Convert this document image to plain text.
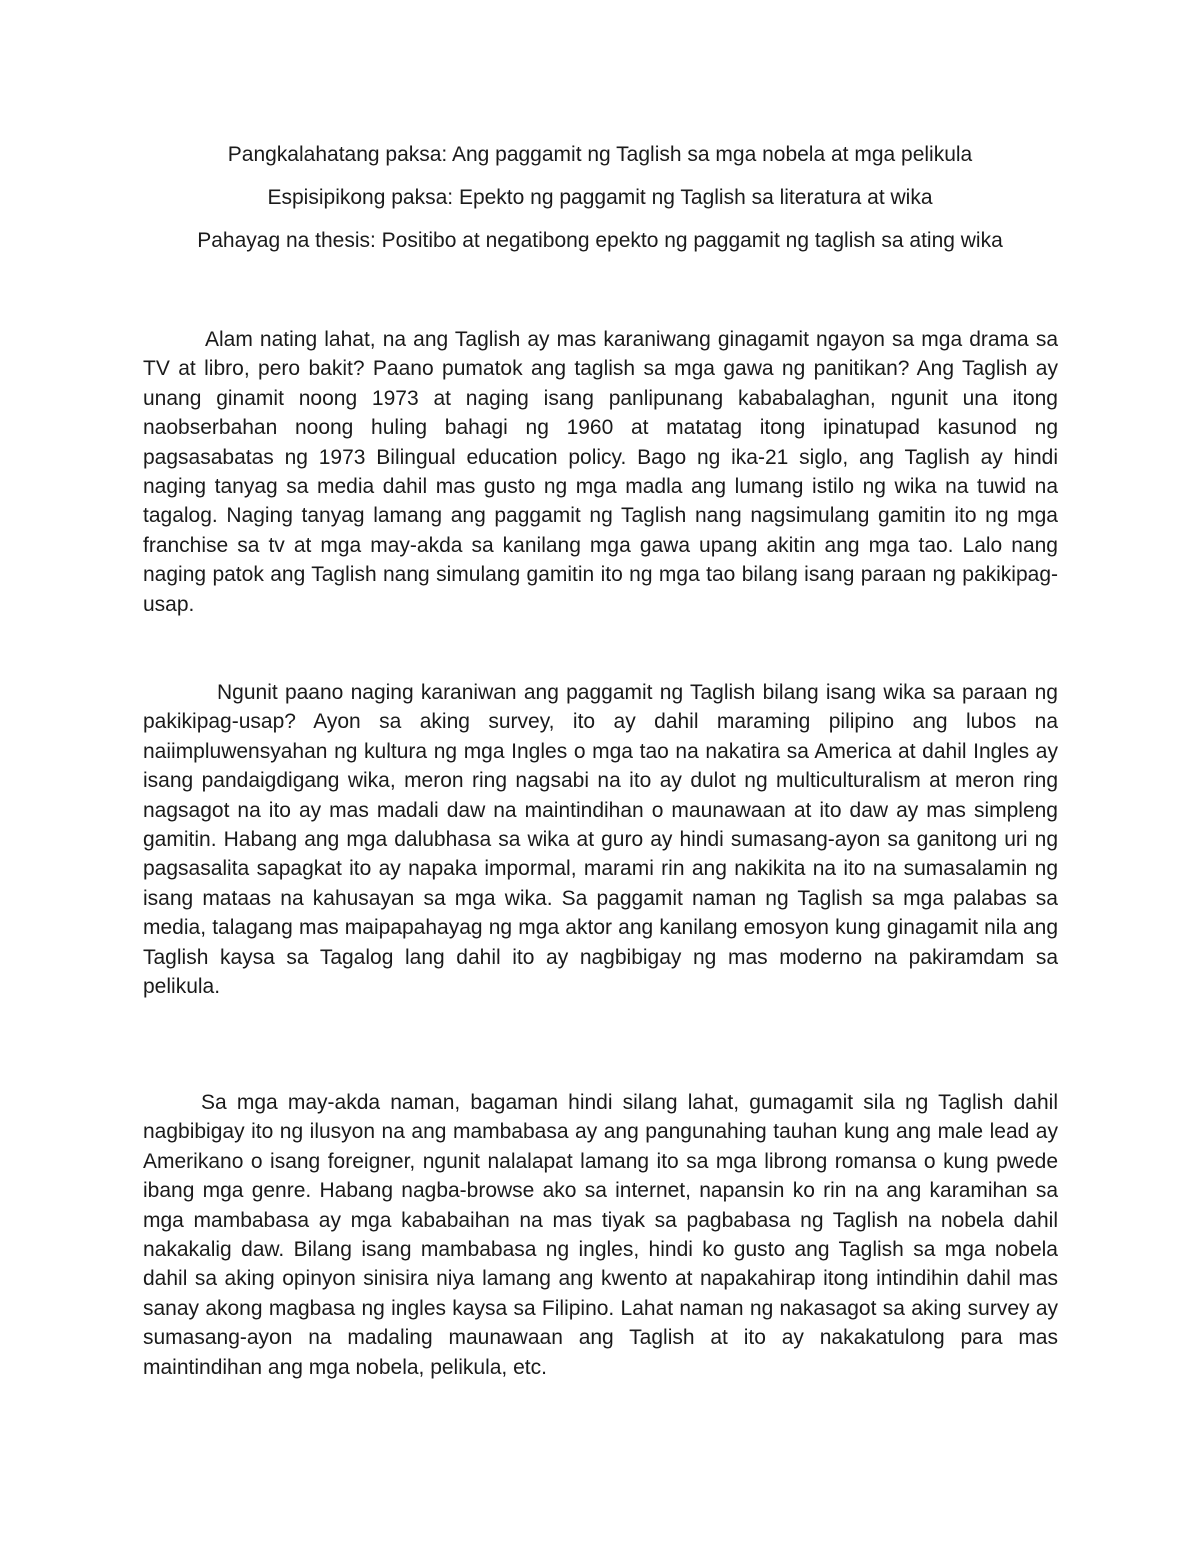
Pangkalahatang paksa: Ang paggamit ng Taglish sa mga nobela at mga pelikula

Espisipikong paksa: Epekto ng paggamit ng Taglish sa literatura at wika

Pahayag na thesis: Positibo at negatibong epekto ng paggamit ng taglish sa ating wika

Alam nating lahat, na ang Taglish ay mas karaniwang ginagamit ngayon sa mga drama sa TV at libro, pero bakit? Paano pumatok ang taglish sa mga gawa ng panitikan? Ang Taglish ay unang ginamit noong 1973 at naging isang panlipunang kababalaghan, ngunit una itong naobserbahan noong huling bahagi ng 1960 at matatag itong ipinatupad kasunod ng pagsasabatas ng 1973 Bilingual education policy. Bago ng ika-21 siglo, ang Taglish ay hindi naging tanyag sa media dahil mas gusto ng mga madla ang lumang istilo ng wika na tuwid na tagalog. Naging tanyag lamang ang paggamit ng Taglish nang nagsimulang gamitin ito ng mga franchise sa tv at mga may-akda sa kanilang mga gawa upang akitin ang mga tao. Lalo nang naging patok ang Taglish nang simulang gamitin ito ng mga tao bilang isang paraan ng pakikipag-usap.

Ngunit paano naging karaniwan ang paggamit ng Taglish bilang isang wika sa paraan ng pakikipag-usap? Ayon sa aking survey, ito ay dahil maraming pilipino ang lubos na naiimpluwensyahan ng kultura ng mga Ingles o mga tao na nakatira sa America at dahil Ingles ay isang pandaigdigang wika, meron ring nagsabi na ito ay dulot ng multiculturalism at meron ring nagsagot na ito ay mas madali daw na maintindihan o maunawaan at ito daw ay mas simpleng gamitin. Habang ang mga dalubhasa sa wika at guro ay hindi sumasang-ayon sa ganitong uri ng pagsasalita sapagkat ito ay napaka impormal, marami rin ang nakikita na ito na sumasalamin ng isang mataas na kahusayan sa mga wika. Sa paggamit naman ng Taglish sa mga palabas sa media, talagang mas maipapahayag ng mga aktor ang kanilang emosyon kung ginagamit nila ang Taglish kaysa sa Tagalog lang dahil ito ay nagbibigay ng mas moderno na pakiramdam sa pelikula.

Sa mga may-akda naman, bagaman hindi silang lahat, gumagamit sila ng Taglish dahil nagbibigay ito ng ilusyon na ang mambabasa ay ang pangunahing tauhan kung ang male lead ay Amerikano o isang foreigner, ngunit nalalapat lamang ito sa mga librong romansa o kung pwede ibang mga genre. Habang nagba-browse ako sa internet, napansin ko rin na ang karamihan sa mga mambabasa ay mga kababaihan na mas tiyak sa pagbabasa ng Taglish na nobela dahil nakakalig daw. Bilang isang mambabasa ng ingles, hindi ko gusto ang Taglish sa mga nobela dahil sa aking opinyon sinisira niya lamang ang kwento at napakahirap itong intindihin dahil mas sanay akong magbasa ng ingles kaysa sa Filipino. Lahat naman ng nakasagot sa aking survey ay sumasang-ayon na madaling maunawaan ang Taglish at ito ay nakakatulong para mas maintindihan ang mga nobela, pelikula, etc.
